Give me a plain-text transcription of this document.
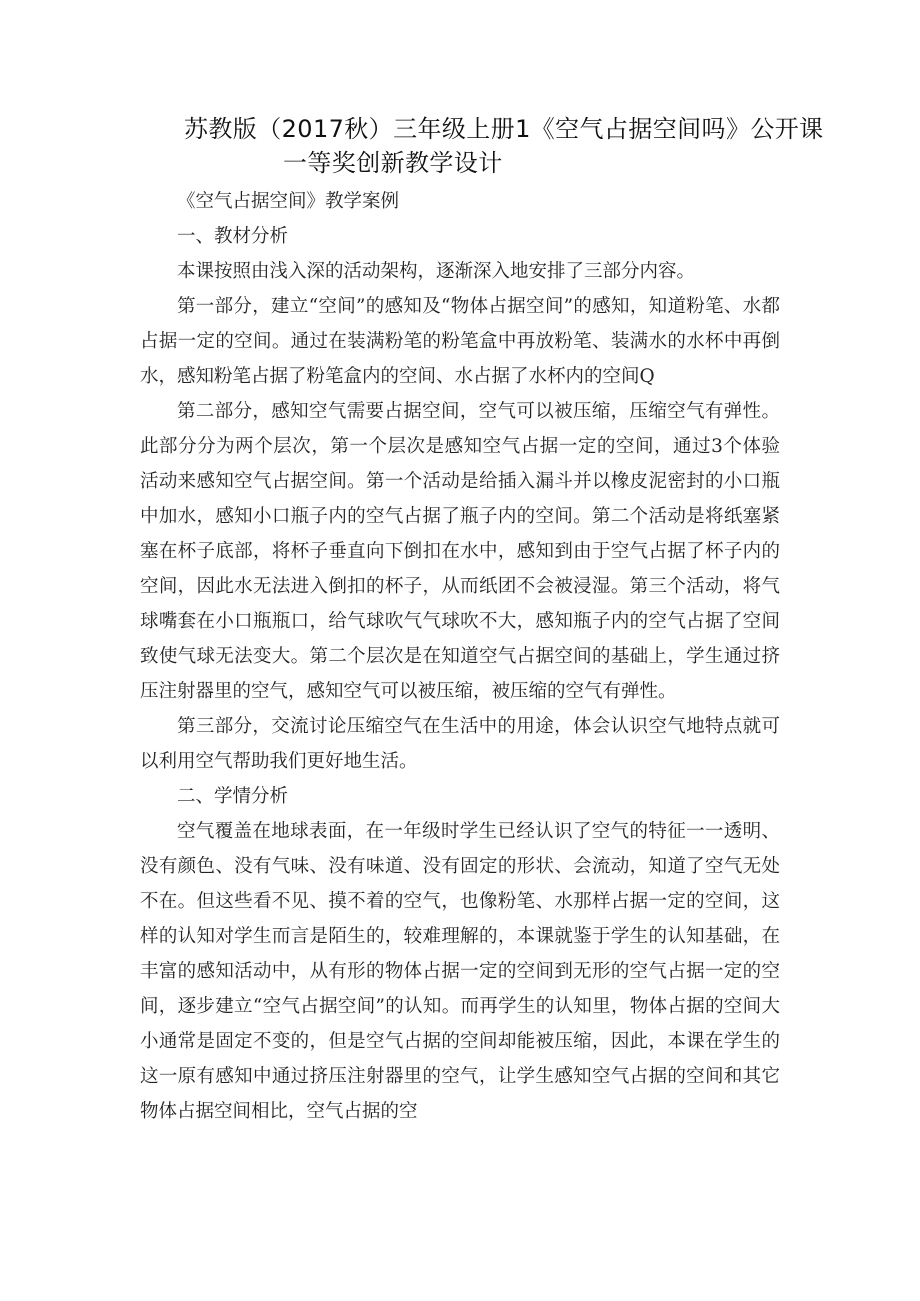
苏教版（2017秋）三年级上册1《空气占据空间吗》公开课
一等奖创新教学设计

《空气占据空间》教学案例

一、教材分析

本课按照由浅入深的活动架构，逐渐深入地安排了三部分内容。

第一部分，建立“空间”的感知及“物体占据空间”的感知，知道粉笔、水都占据一定的空间。通过在装满粉笔的粉笔盒中再放粉笔、装满水的水杯中再倒水，感知粉笔占据了粉笔盒内的空间、水占据了水杯内的空间Q

第二部分，感知空气需要占据空间，空气可以被压缩，压缩空气有弹性。此部分分为两个层次，第一个层次是感知空气占据一定的空间，通过3个体验活动来感知空气占据空间。第一个活动是给插入漏斗并以橡皮泥密封的小口瓶中加水，感知小口瓶子内的空气占据了瓶子内的空间。第二个活动是将纸塞紧塞在杯子底部，将杯子垂直向下倒扣在水中，感知到由于空气占据了杯子内的空间，因此水无法进入倒扣的杯子，从而纸团不会被浸湿。第三个活动，将气球嘴套在小口瓶瓶口，给气球吹气气球吹不大，感知瓶子内的空气占据了空间致使气球无法变大。第二个层次是在知道空气占据空间的基础上，学生通过挤压注射器里的空气，感知空气可以被压缩，被压缩的空气有弹性。

第三部分，交流讨论压缩空气在生活中的用途，体会认识空气地特点就可以利用空气帮助我们更好地生活。

二、学情分析

空气覆盖在地球表面，在一年级时学生已经认识了空气的特征一一透明、没有颜色、没有气味、没有味道、没有固定的形状、会流动，知道了空气无处不在。但这些看不见、摸不着的空气，也像粉笔、水那样占据一定的空间，这样的认知对学生而言是陌生的，较难理解的，本课就鉴于学生的认知基础，在丰富的感知活动中，从有形的物体占据一定的空间到无形的空气占据一定的空间，逐步建立“空气占据空间”的认知。而再学生的认知里，物体占据的空间大小通常是固定不变的，但是空气占据的空间却能被压缩，因此，本课在学生的这一原有感知中通过挤压注射器里的空气，让学生感知空气占据的空间和其它物体占据空间相比，空气占据的空
